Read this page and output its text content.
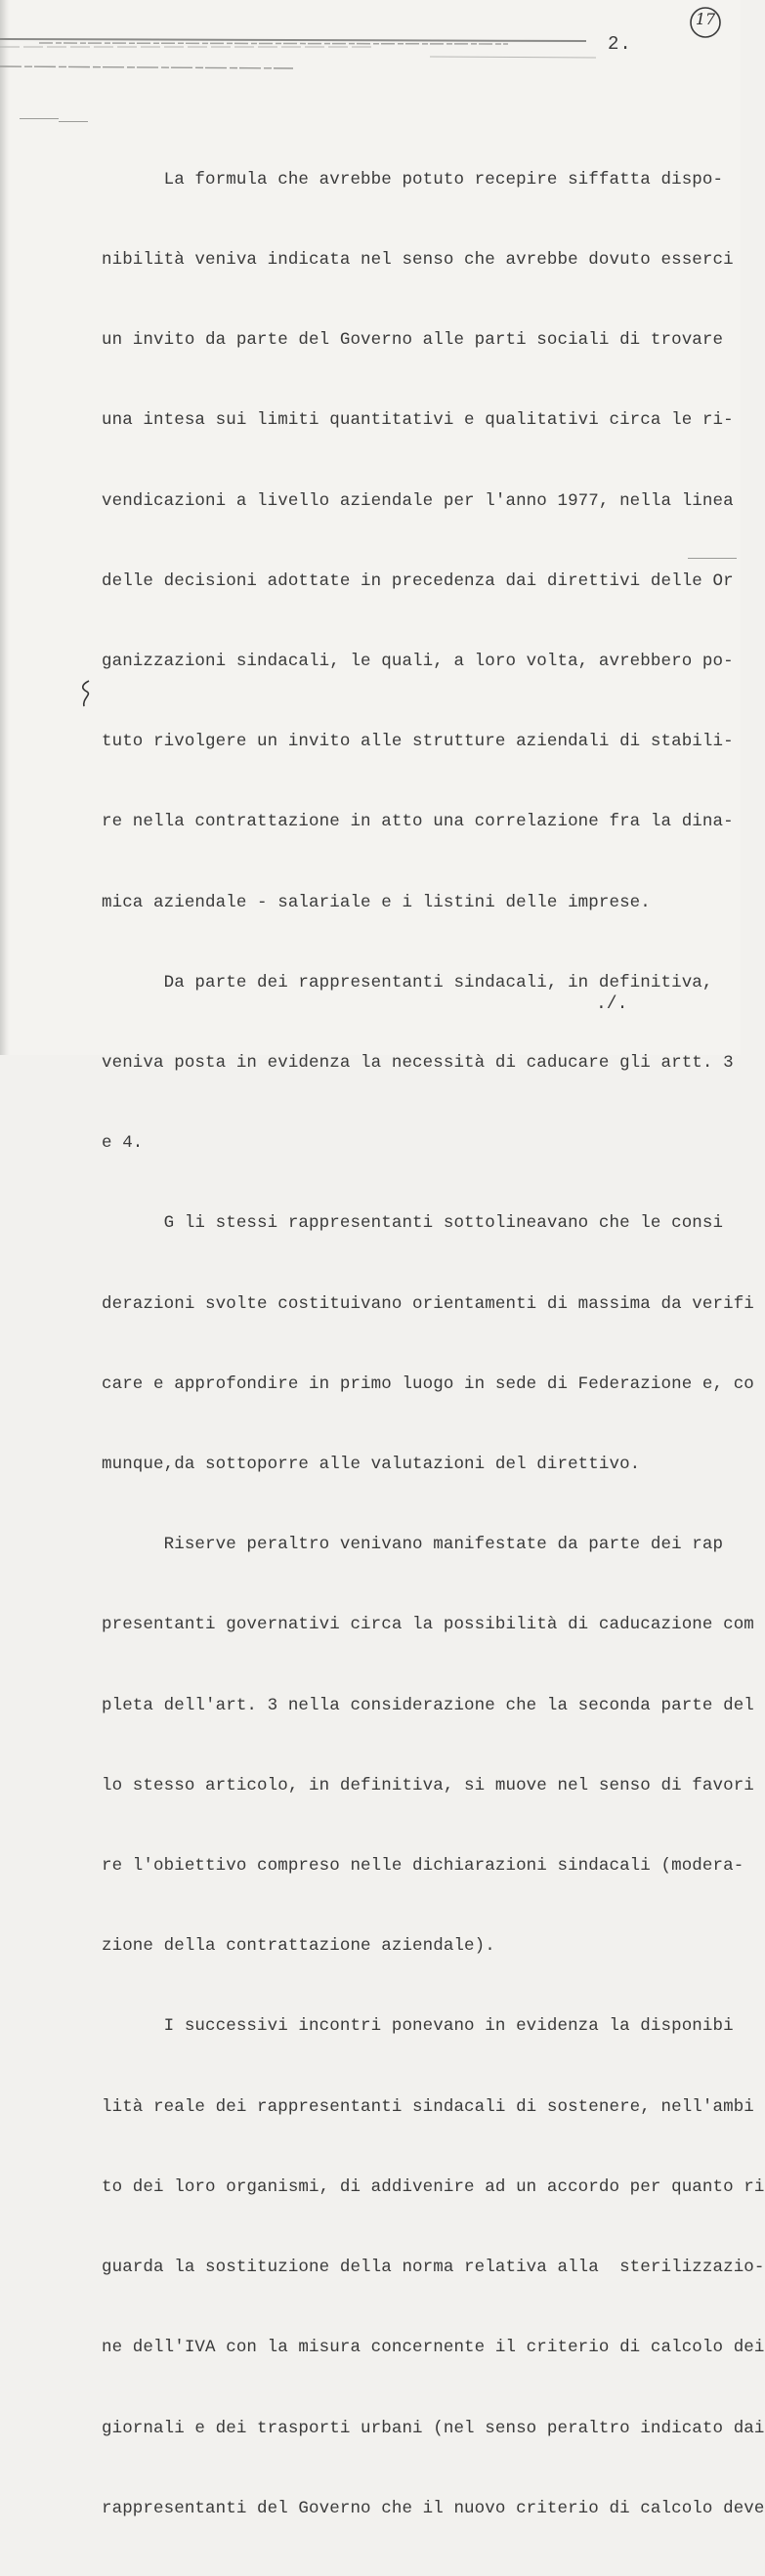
2.
17

La formula che avrebbe potuto recepire siffatta dispo-

nibilità veniva indicata nel senso che avrebbe dovuto esserci

un invito da parte del Governo alle parti sociali di trovare

una intesa sui limiti quantitativi e qualitativi circa le ri-

vendicazioni a livello aziendale per l'anno 1977, nella linea

delle decisioni adottate in precedenza dai direttivi delle Or

ganizzazioni sindacali, le quali, a loro volta, avrebbero po-

tuto rivolgere un invito alle strutture aziendali di stabili-

re nella contrattazione in atto una correlazione fra la dina-

mica aziendale - salariale e i listini delle imprese.

Da parte dei rappresentanti sindacali, in definitiva,

veniva posta in evidenza la necessità di caducare gli artt. 3

e 4.

G li stessi rappresentanti sottolineavano che le consi

derazioni svolte costituivano orientamenti di massima da verifi

care e approfondire in primo luogo in sede di Federazione e, co

munque,da sottoporre alle valutazioni del direttivo.

Riserve peraltro venivano manifestate da parte dei rap

presentanti governativi circa la possibilità di caducazione com

pleta dell'art. 3 nella considerazione che la seconda parte del

lo stesso articolo, in definitiva, si muove nel senso di favori

re l'obiettivo compreso nelle dichiarazioni sindacali (modera-

zione della contrattazione aziendale).

I successivi incontri ponevano in evidenza la disponibi

lità reale dei rappresentanti sindacali di sostenere, nell'ambi

to dei loro organismi, di addivenire ad un accordo per quanto ri

guarda la sostituzione della norma relativa alla  sterilizzazio-

ne dell'IVA con la misura concernente il criterio di calcolo dei

giornali e dei trasporti urbani (nel senso peraltro indicato dai

rappresentanti del Governo che il nuovo criterio di calcolo deve

./.
